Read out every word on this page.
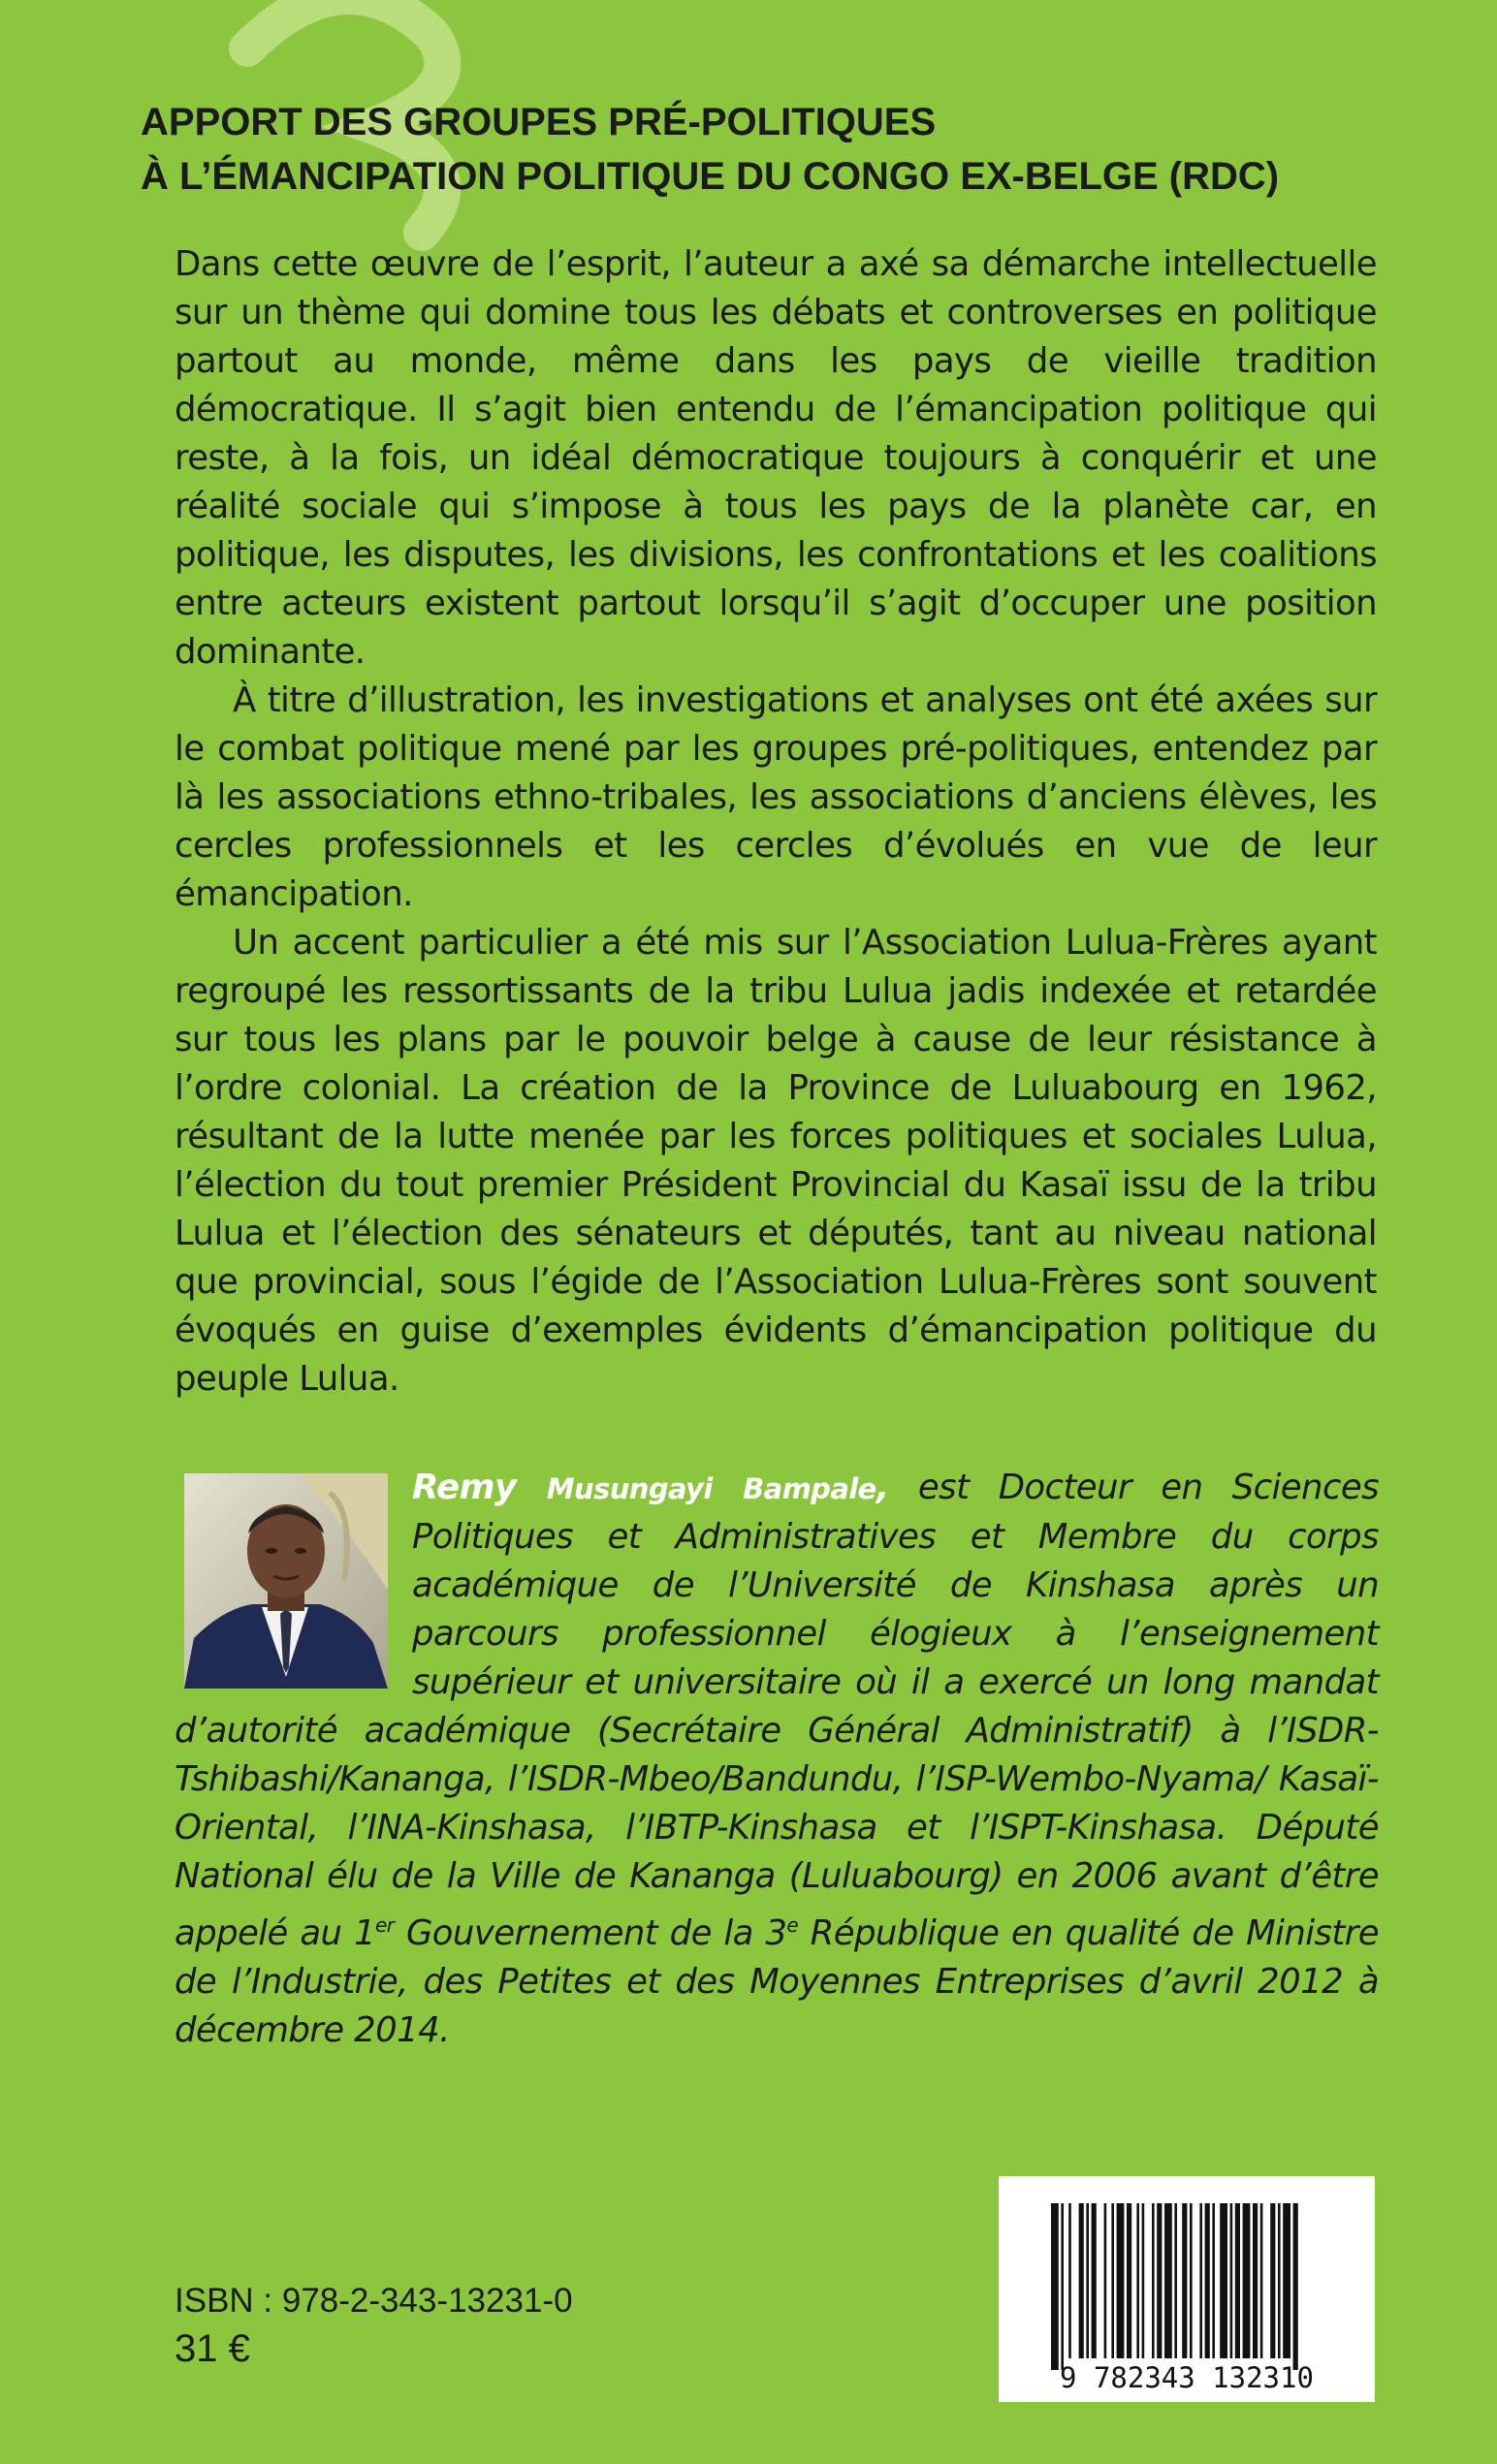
APPORT DES GROUPES PRÉ-POLITIQUES
À L’ÉMANCIPATION POLITIQUE DU CONGO EX-BELGE (RDC)

Dans cette œuvre de l’esprit, l’auteur a axé sa démarche intellectuelle sur un thème qui domine tous les débats et controverses en politique partout au monde, même dans les pays de vieille tradition démocratique. Il s’agit bien entendu de l’émancipation politique qui reste, à la fois, un idéal démocratique toujours à conquérir et une réalité sociale qui s’impose à tous les pays de la planète car, en politique, les disputes, les divisions, les confrontations et les coalitions entre acteurs existent partout lorsqu’il s’agit d’occuper une position dominante.

À titre d’illustration, les investigations et analyses ont été axées sur le combat politique mené par les groupes pré-politiques, entendez par là les associations ethno-tribales, les associations d’anciens élèves, les cercles professionnels et les cercles d’évolués en vue de leur émancipation.

Un accent particulier a été mis sur l’Association Lulua-Frères ayant regroupé les ressortissants de la tribu Lulua jadis indexée et retardée sur tous les plans par le pouvoir belge à cause de leur résistance à l’ordre colonial. La création de la Province de Luluabourg en 1962, résultant de la lutte menée par les forces politiques et sociales Lulua, l’élection du tout premier Président Provincial du Kasaï issu de la tribu Lulua et l’élection des sénateurs et députés, tant au niveau national que provincial, sous l’égide de l’Association Lulua-Frères sont souvent évoqués en guise d’exemples évidents d’émancipation politique du peuple Lulua.

Remy Musungayi Bampale, est Docteur en Sciences Politiques et Administratives et Membre du corps académique de l’Université de Kinshasa après un parcours professionnel élogieux à l’enseignement supérieur et universitaire où il a exercé un long mandat d’autorité académique (Secrétaire Général Administratif) à l’ISDR-Tshibashi/Kananga, l’ISDR-Mbeo/Bandundu, l’ISP-Wembo-Nyama/ Kasaï-Oriental, l’INA-Kinshasa, l’IBTP-Kinshasa et l’ISPT-Kinshasa. Député National élu de la Ville de Kananga (Luluabourg) en 2006 avant d’être appelé au 1er Gouvernement de la 3e République en qualité de Ministre de l’Industrie, des Petites et des Moyennes Entreprises d’avril 2012 à décembre 2014.
ISBN : 978-2-343-13231-0
31 €
9 782343 132310
